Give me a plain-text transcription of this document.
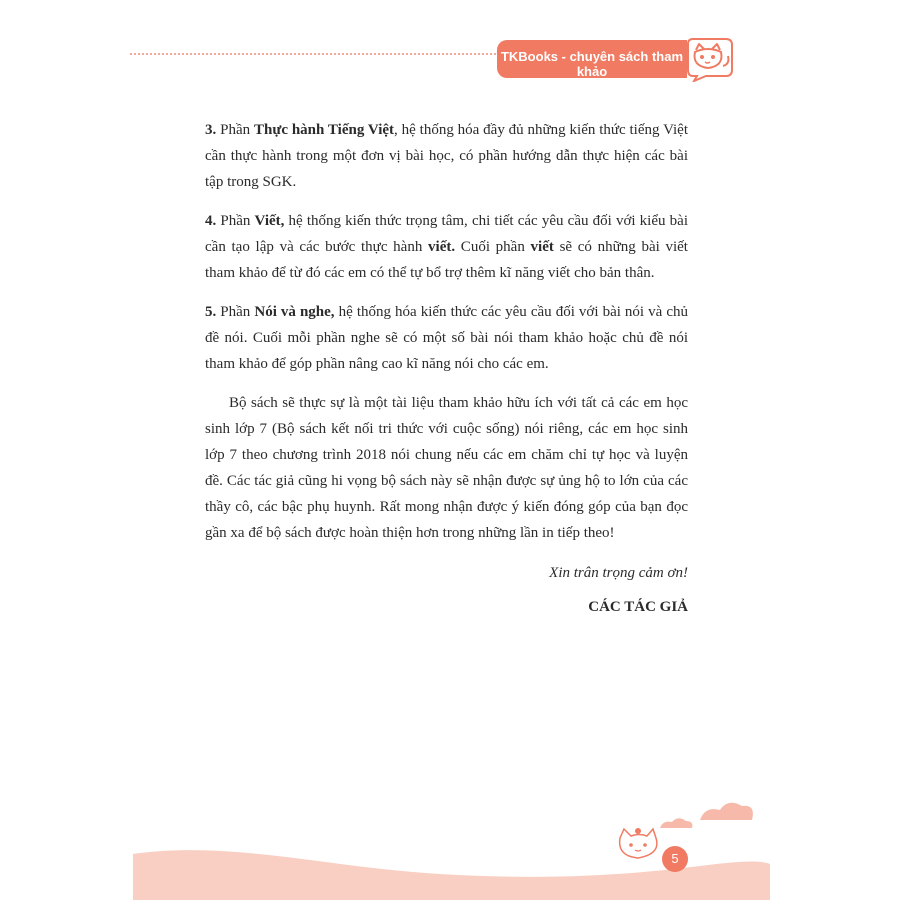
TKBooks - chuyên sách tham khảo

3. Phần Thực hành Tiếng Việt, hệ thống hóa đầy đủ những kiến thức tiếng Việt cần thực hành trong một đơn vị bài học, có phần hướng dẫn thực hiện các bài tập trong SGK.

4. Phần Viết, hệ thống kiến thức trọng tâm, chi tiết các yêu cầu đối với kiểu bài cần tạo lập và các bước thực hành viết. Cuối phần viết sẽ có những bài viết tham khảo để từ đó các em có thể tự bổ trợ thêm kĩ năng viết cho bản thân.

5. Phần Nói và nghe, hệ thống hóa kiến thức các yêu cầu đối với bài nói và chủ đề nói. Cuối mỗi phần nghe sẽ có một số bài nói tham khảo hoặc chủ đề nói tham khảo để góp phần nâng cao kĩ năng nói cho các em.

Bộ sách sẽ thực sự là một tài liệu tham khảo hữu ích với tất cả các em học sinh lớp 7 (Bộ sách kết nối tri thức với cuộc sống) nói riêng, các em học sinh lớp 7 theo chương trình 2018 nói chung nếu các em chăm chỉ tự học và luyện đề. Các tác giả cũng hi vọng bộ sách này sẽ nhận được sự ủng hộ to lớn của các thầy cô, các bậc phụ huynh. Rất mong nhận được ý kiến đóng góp của bạn đọc gần xa để bộ sách được hoàn thiện hơn trong những lần in tiếp theo!

Xin trân trọng cảm ơn!

CÁC TÁC GIẢ

5
